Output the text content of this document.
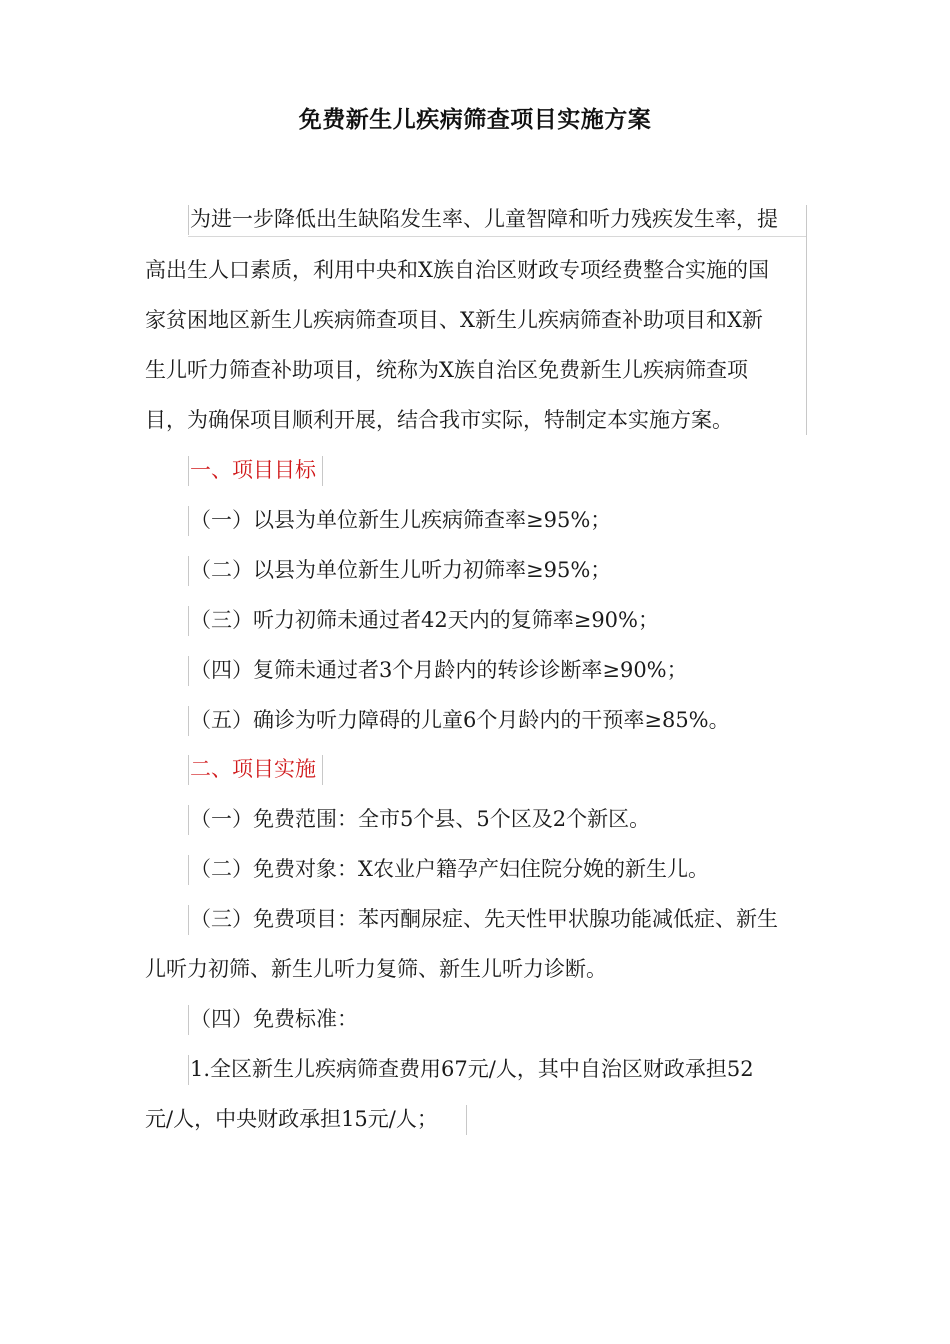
免费新生儿疾病筛查项目实施方案
为进一步降低出生缺陷发生率、儿童智障和听力残疾发生率，提
高出生人口素质，利用中央和X族自治区财政专项经费整合实施的国
家贫困地区新生儿疾病筛查项目、X新生儿疾病筛查补助项目和X新
生儿听力筛查补助项目，统称为X族自治区免费新生儿疾病筛查项
目，为确保项目顺利开展，结合我市实际，特制定本实施方案。
一、项目目标
（一）以县为单位新生儿疾病筛查率≥95%；
（二）以县为单位新生儿听力初筛率≥95%；
（三）听力初筛未通过者42天内的复筛率≥90%；
（四）复筛未通过者3个月龄内的转诊诊断率≥90%；
（五）确诊为听力障碍的儿童6个月龄内的干预率≥85%。
二、项目实施
（一）免费范围：全市5个县、5个区及2个新区。
（二）免费对象：X农业户籍孕产妇住院分娩的新生儿。
（三）免费项目：苯丙酮尿症、先天性甲状腺功能减低症、新生
儿听力初筛、新生儿听力复筛、新生儿听力诊断。
（四）免费标准：
1.全区新生儿疾病筛查费用67元/人，其中自治区财政承担52
元/人，中央财政承担15元/人；
